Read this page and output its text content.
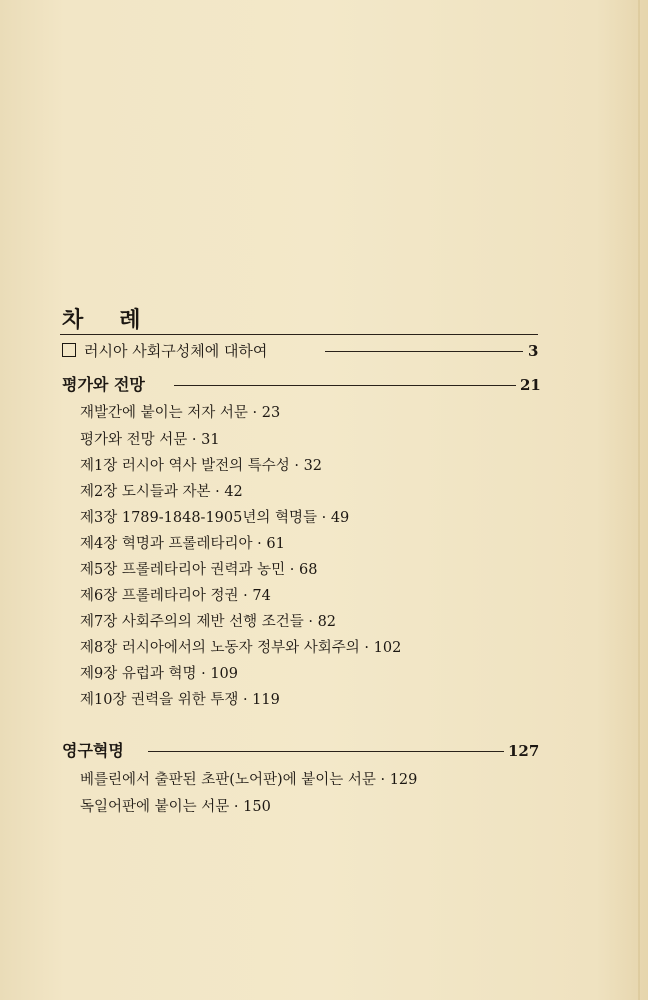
차 례
러시아 사회구성체에 대하여	3
평가와 전망	21
재발간에 붙이는 저자 서문 · 23
평가와 전망 서문 · 31
제1장 러시아 역사 발전의 특수성 · 32
제2장 도시들과 자본 · 42
제3장 1789-1848-1905년의 혁명들 · 49
제4장 혁명과 프롤레타리아 · 61
제5장 프롤레타리아 권력과 농민 · 68
제6장 프롤레타리아 정권 · 74
제7장 사회주의의 제반 선행 조건들 · 82
제8장 러시아에서의 노동자 정부와 사회주의 · 102
제9장 유럽과 혁명 · 109
제10장 권력을 위한 투쟁 · 119
영구혁명	127
베를린에서 출판된 초판(노어판)에 붙이는 서문 · 129
독일어판에 붙이는 서문 · 150
